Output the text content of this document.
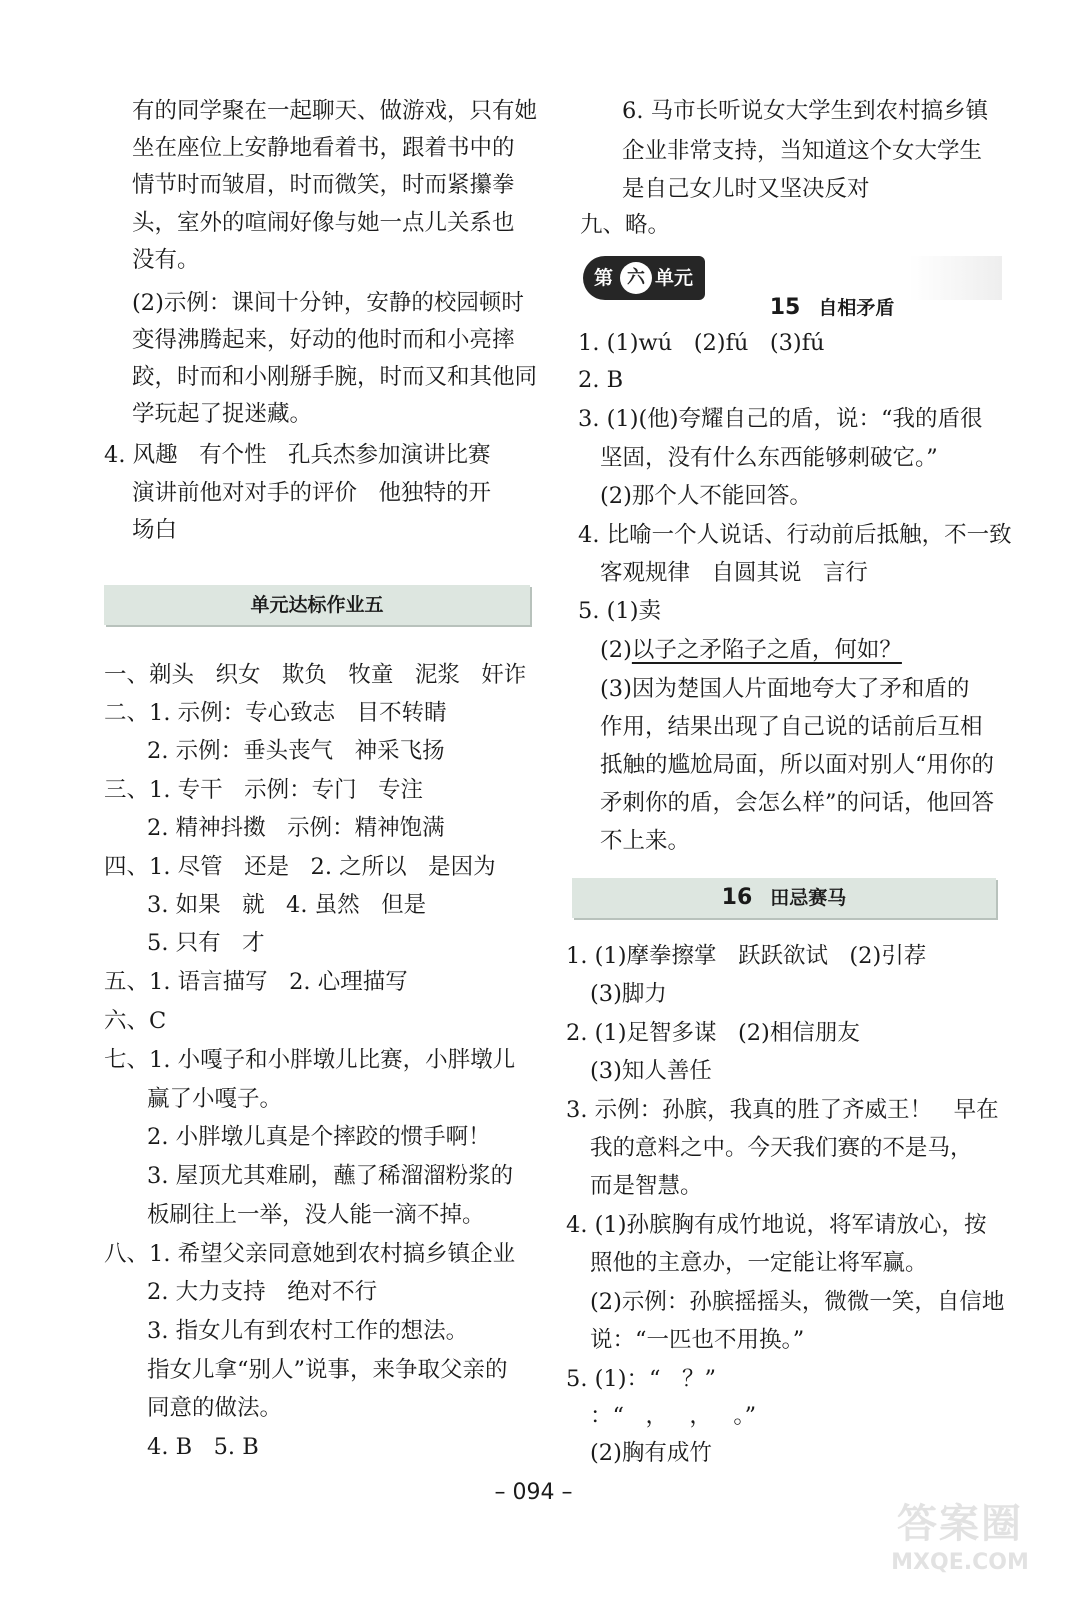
有的同学聚在一起聊天、做游戏，只有她
坐在座位上安静地看着书，跟着书中的
情节时而皱眉，时而微笑，时而紧攥拳
头，室外的喧闹好像与她一点儿关系也
没有。
(2)示例：课间十分钟，安静的校园顿时
变得沸腾起来，好动的他时而和小亮摔
跤，时而和小刚掰手腕，时而又和其他同
学玩起了捉迷藏。
4. 风趣   有个性   孔兵杰参加演讲比赛
演讲前他对对手的评价   他独特的开
场白
单元达标作业五
一、剃头   织女   欺负   牧童   泥浆   奸诈
二、1. 示例：专心致志   目不转睛
2. 示例：垂头丧气   神采飞扬
三、1. 专干   示例：专门   专注
2. 精神抖擞   示例：精神饱满
四、1. 尽管   还是   2. 之所以   是因为
3. 如果   就   4. 虽然   但是
5. 只有   才
五、1. 语言描写   2. 心理描写
六、C
七、1. 小嘎子和小胖墩儿比赛，小胖墩儿
赢了小嘎子。
2. 小胖墩儿真是个摔跤的惯手啊！
3. 屋顶尤其难刷，蘸了稀溜溜粉浆的
板刷往上一举，没人能一滴不掉。
八、1. 希望父亲同意她到农村搞乡镇企业
2. 大力支持   绝对不行
3. 指女儿有到农村工作的想法。
指女儿拿“别人”说事，来争取父亲的
同意的做法。
4. B   5. B
6. 马市长听说女大学生到农村搞乡镇
企业非常支持，当知道这个女大学生
是自己女儿时又坚决反对
九、略。
第 六 单元

15 自相矛盾

1. (1)wú   (2)fú   (3)fú
2. B
3. (1)(他)夸耀自己的盾，说：“我的盾很
坚固，没有什么东西能够刺破它。”
(2)那个人不能回答。
4. 比喻一个人说话、行动前后抵触，不一致
客观规律   自圆其说   言行
5. (1)卖
(2)以子之矛陷子之盾，何如？
(3)因为楚国人片面地夸大了矛和盾的
作用，结果出现了自己说的话前后互相
抵触的尴尬局面，所以面对别人“用你的
矛刺你的盾，会怎么样”的问话，他回答
不上来。
16 田忌赛马
1. (1)摩拳擦掌   跃跃欲试   (2)引荐
(3)脚力
2. (1)足智多谋   (2)相信朋友
(3)知人善任
3. 示例：孙膑，我真的胜了齐威王！   早在
我的意料之中。今天我们赛的不是马，
而是智慧。
4. (1)孙膑胸有成竹地说，将军请放心，按
照他的主意办，一定能让将军赢。
(2)示例：孙膑摇摇头，微微一笑，自信地
说：“一匹也不用换。”
5. (1)：“   ？”
：“   ，   ，   。”
(2)胸有成竹
– 094 –
答案圈
MXQE.COM
